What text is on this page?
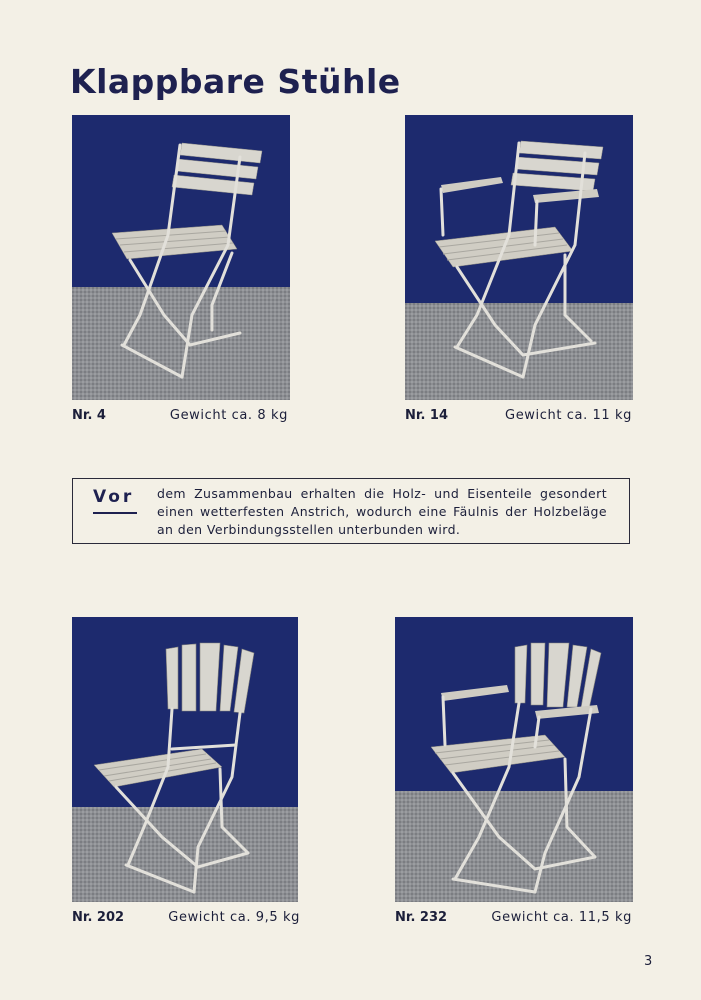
Klappbare Stühle
Nr. 4	Gewicht ca. 8 kg	Nr. 14	Gewicht ca. 11 kg
Vor dem Zusammenbau erhalten die Holz- und Eisenteile gesondert einen wetterfesten Anstrich, wodurch eine Fäulnis der Holzbeläge an den Verbindungsstellen unterbunden wird.
Nr. 202	Gewicht ca. 9,5 kg	Nr. 232	Gewicht ca. 11,5 kg
3
